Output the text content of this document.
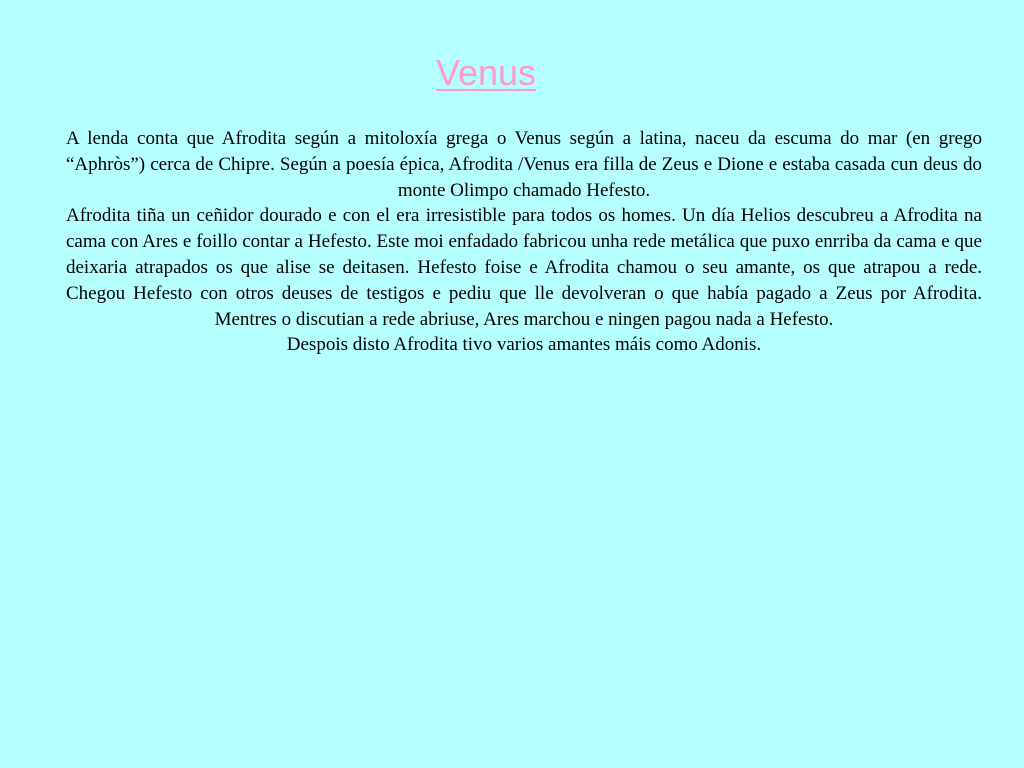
Venus

A lenda conta que Afrodita según a mitoloxía grega o Venus según a latina, naceu da escuma do mar (en grego “Aphròs”) cerca de Chipre. Según a poesía épica, Afrodita /Venus era filla de Zeus e Dione e estaba casada cun deus do monte Olimpo chamado Hefesto.

Afrodita tiña un ceñidor dourado e con el era irresistible para todos os homes. Un día Helios descubreu a Afrodita na cama con Ares e foillo contar a Hefesto. Este moi enfadado fabricou unha rede metálica que puxo enrriba da cama e que deixaria atrapados os que alise se deitasen. Hefesto foise e Afrodita chamou o seu amante, os que atrapou a rede. Chegou Hefesto con otros deuses de testigos e pediu que lle devolveran o que había pagado a Zeus por Afrodita. Mentres o discutian a rede abriuse, Ares marchou e ningen pagou nada a Hefesto.

Despois disto Afrodita tivo varios amantes máis como Adonis.
